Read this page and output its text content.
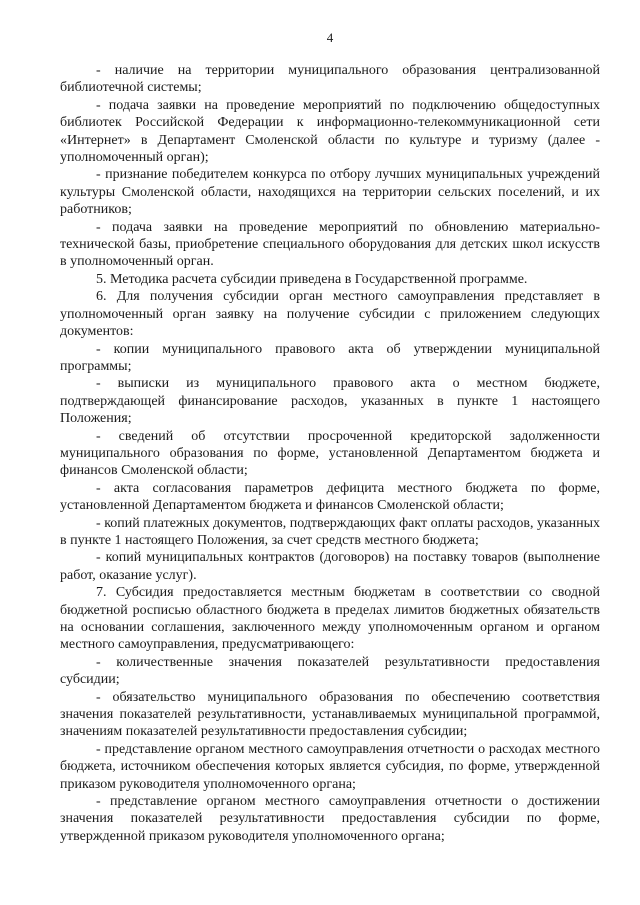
4

- наличие на территории муниципального образования централизованной библиотечной системы;

- подача заявки на проведение мероприятий по подключению общедоступных библиотек Российской Федерации к информационно-телекоммуникационной сети «Интернет» в Департамент Смоленской области по культуре и туризму (далее - уполномоченный орган);

- признание победителем конкурса по отбору лучших муниципальных учреждений культуры Смоленской области, находящихся на территории сельских поселений, и их работников;

- подача заявки на проведение мероприятий по обновлению материально-технической базы, приобретение специального оборудования для детских школ искусств в уполномоченный орган.

5. Методика расчета субсидии приведена в Государственной программе.

6. Для получения субсидии орган местного самоуправления представляет в уполномоченный орган заявку на получение субсидии с приложением следующих документов:

- копии муниципального правового акта об утверждении муниципальной программы;

- выписки из муниципального правового акта о местном бюджете, подтверждающей финансирование расходов, указанных в пункте 1 настоящего Положения;

- сведений об отсутствии просроченной кредиторской задолженности муниципального образования по форме, установленной Департаментом бюджета и финансов Смоленской области;

- акта согласования параметров дефицита местного бюджета по форме, установленной Департаментом бюджета и финансов Смоленской области;

- копий платежных документов, подтверждающих факт оплаты расходов, указанных в пункте 1 настоящего Положения, за счет средств местного бюджета;

- копий муниципальных контрактов (договоров) на поставку товаров (выполнение работ, оказание услуг).

7. Субсидия предоставляется местным бюджетам в соответствии со сводной бюджетной росписью областного бюджета в пределах лимитов бюджетных обязательств на основании соглашения, заключенного между уполномоченным органом и органом местного самоуправления, предусматривающего:

- количественные значения показателей результативности предоставления субсидии;

- обязательство муниципального образования по обеспечению соответствия значения показателей результативности, устанавливаемых муниципальной программой, значениям показателей результативности предоставления субсидии;

- представление органом местного самоуправления отчетности о расходах местного бюджета, источником обеспечения которых является субсидия, по форме, утвержденной приказом руководителя уполномоченного органа;

- представление органом местного самоуправления отчетности о достижении значения показателей результативности предоставления субсидии по форме, утвержденной приказом руководителя уполномоченного органа;
